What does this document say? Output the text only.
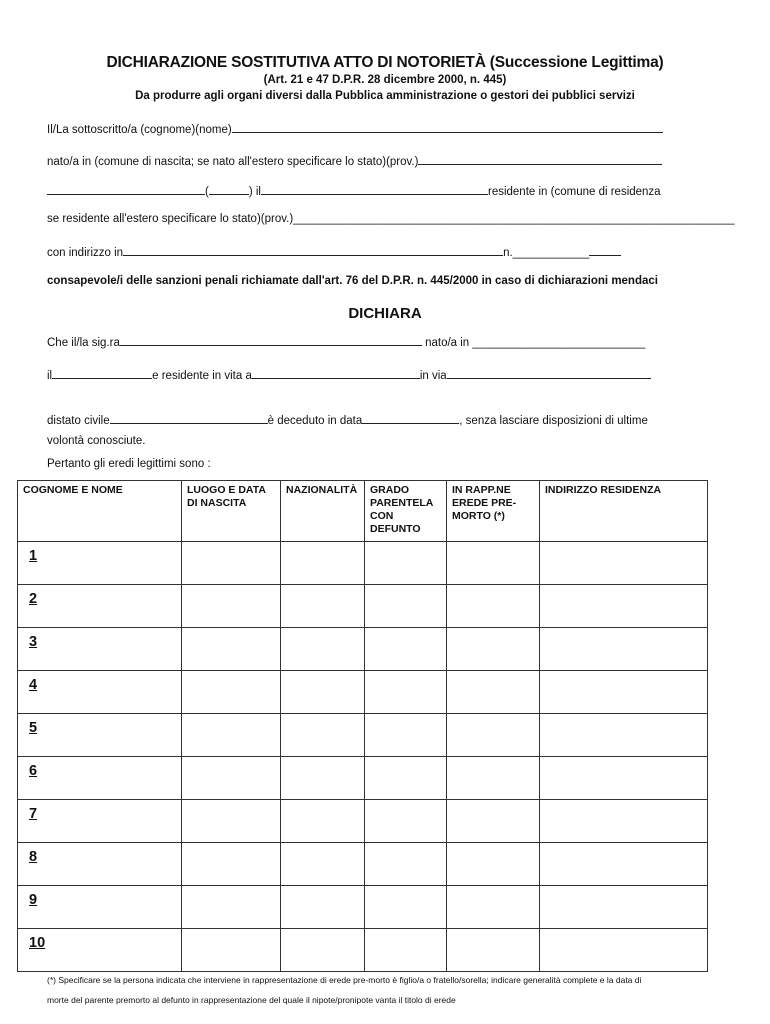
DICHIARAZIONE SOSTITUTIVA ATTO DI NOTORIETÀ (Successione Legittima)
(Art. 21 e 47 D.P.R. 28 dicembre 2000, n. 445)
Da produrre agli organi diversi dalla Pubblica amministrazione o gestori dei pubblici servizi
Il/La sottoscritto/a (cognome)(nome)
nato/a in (comune di nascita; se nato all'estero specificare lo stato)(prov.)
(	) il	residente in (comune di residenza
se residente all'estero specificare lo stato)(prov.)_____________________________________________________________________
con indirizzo in	n.____________
consapevole/i delle sanzioni penali richiamate dall'art. 76 del D.P.R. n. 445/2000 in caso di dichiarazioni mendaci
DICHIARA
Che il/la sig.ra	nato/a in ___________________________
il	e residente in vita a	in via
distato civile	è deceduto in data	, senza lasciare disposizioni di ultime
volontà conosciute.
Pertanto gli eredi legittimi sono :
COGNOME E NOME	LUOGO E DATA DI NASCITA	NAZIONALITÀ	GRADO PARENTELA CON DEFUNTO	IN RAPP.NE EREDE PRE-MORTO (*)	INDIRIZZO RESIDENZA
1					
2					
3					
4					
5					
6					
7					
8					
9					
10					
(*) Specificare se la persona indicata che interviene in rappresentazione di erede pre-morto è figlio/a o fratello/sorella; indicare generalità complete e la data di
morte del parente premorto al defunto in rappresentazione del quale il nipote/pronipote vanta il titolo di erede
